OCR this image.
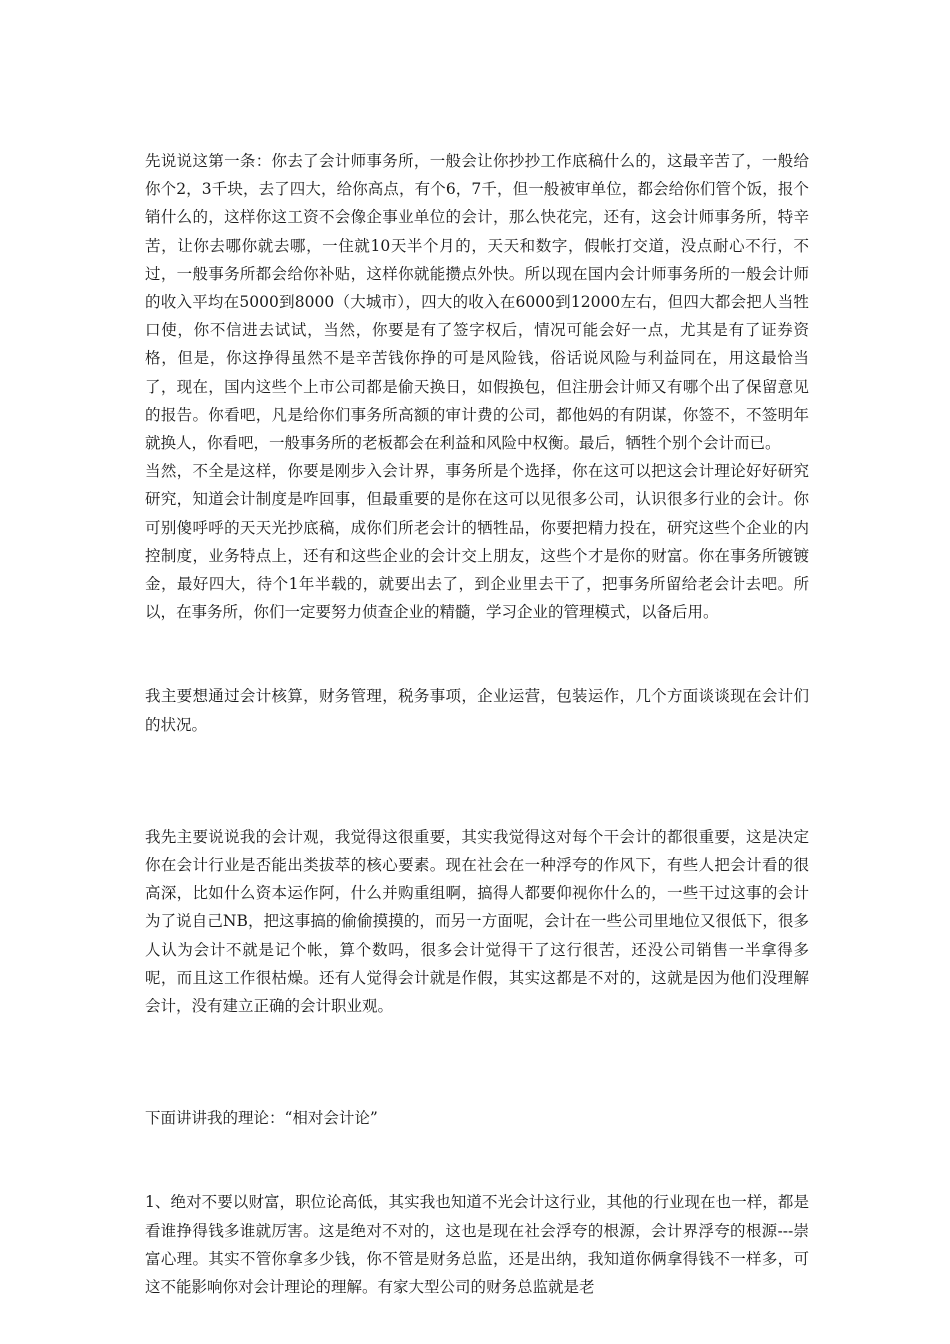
先说说这第一条：你去了会计师事务所，一般会让你抄抄工作底稿什么的，这最辛苦了，一般给你个2，3千块，去了四大，给你高点，有个6，7千，但一般被审单位，都会给你们管个饭，报个销什么的，这样你这工资不会像企事业单位的会计，那么快花完，还有，这会计师事务所，特辛苦，让你去哪你就去哪，一住就10天半个月的，天天和数字，假帐打交道，没点耐心不行，不过，一般事务所都会给你补贴，这样你就能攒点外快。所以现在国内会计师事务所的一般会计师的收入平均在5000到8000（大城市），四大的收入在6000到12000左右，但四大都会把人当牲口使，你不信进去试试，当然，你要是有了签字权后，情况可能会好一点，尤其是有了证券资格，但是，你这挣得虽然不是辛苦钱你挣的可是风险钱，俗话说风险与利益同在，用这最恰当了，现在，国内这些个上市公司都是偷天换日，如假换包，但注册会计师又有哪个出了保留意见的报告。你看吧，凡是给你们事务所高额的审计费的公司，都他妈的有阴谋，你签不，不签明年就换人，你看吧，一般事务所的老板都会在利益和风险中权衡。最后，牺牲个别个会计而已。

当然，不全是这样，你要是刚步入会计界，事务所是个选择，你在这可以把这会计理论好好研究研究，知道会计制度是咋回事，但最重要的是你在这可以见很多公司，认识很多行业的会计。你可别傻呼呼的天天光抄底稿，成你们所老会计的牺牲品，你要把精力投在，研究这些个企业的内控制度，业务特点上，还有和这些企业的会计交上朋友，这些个才是你的财富。你在事务所镀镀金，最好四大，待个1年半载的，就要出去了，到企业里去干了，把事务所留给老会计去吧。所以，在事务所，你们一定要努力侦查企业的精髓，学习企业的管理模式，以备后用。

我主要想通过会计核算，财务管理，税务事项，企业运营，包装运作，几个方面谈谈现在会计们的状况。

我先主要说说我的会计观，我觉得这很重要，其实我觉得这对每个干会计的都很重要，这是决定你在会计行业是否能出类拔萃的核心要素。现在社会在一种浮夸的作风下，有些人把会计看的很高深，比如什么资本运作阿，什么并购重组啊，搞得人都要仰视你什么的，一些干过这事的会计为了说自己NB，把这事搞的偷偷摸摸的，而另一方面呢，会计在一些公司里地位又很低下，很多人认为会计不就是记个帐，算个数吗，很多会计觉得干了这行很苦，还没公司销售一半拿得多呢，而且这工作很枯燥。还有人觉得会计就是作假，其实这都是不对的，这就是因为他们没理解会计，没有建立正确的会计职业观。

下面讲讲我的理论：“相对会计论”

1、绝对不要以财富，职位论高低，其实我也知道不光会计这行业，其他的行业现在也一样，都是看谁挣得钱多谁就厉害。这是绝对不对的，这也是现在社会浮夸的根源，会计界浮夸的根源---崇富心理。其实不管你拿多少钱，你不管是财务总监，还是出纳，我知道你俩拿得钱不一样多，可这不能影响你对会计理论的理解。有家大型公司的财务总监就是老
